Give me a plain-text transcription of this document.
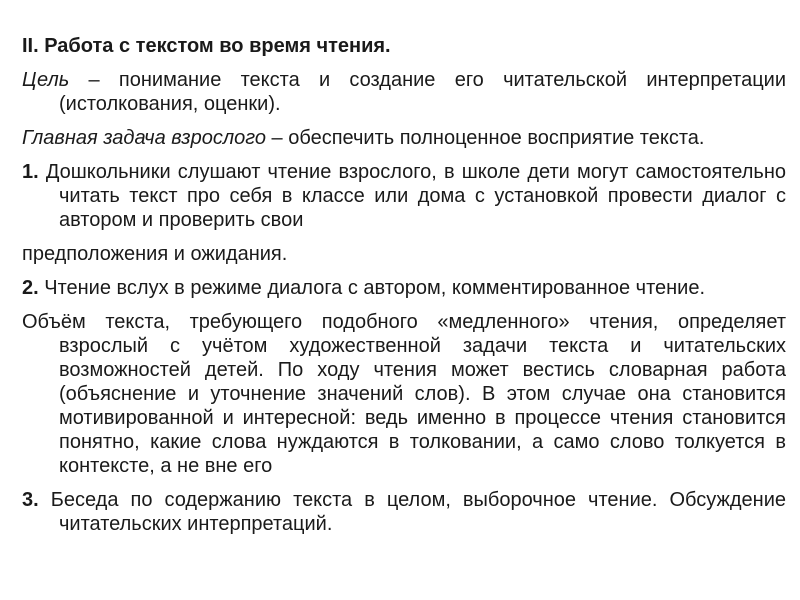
II. Работа с текстом во время чтения.

Цель – понимание текста и создание его читательской интерпретации (истолкования, оценки).

Главная задача взрослого – обеспечить полноценное восприятие текста.

1. Дошкольники слушают чтение взрослого, в школе дети могут самостоятельно читать текст про себя в классе или дома с установкой провести диалог с автором и проверить свои

предположения и ожидания.

2. Чтение вслух в режиме диалога с автором, комментированное чтение.

Объём текста, требующего подобного «медленного» чтения, определяет взрослый с учётом художественной задачи текста и читательских возможностей детей. По ходу чтения может вестись словарная работа (объяснение и уточнение значений слов). В этом случае она становится мотивированной и интересной: ведь именно в процессе чтения становится понятно, какие слова нуждаются в толковании, а само слово толкуется в контексте, а не вне его

3. Беседа по содержанию текста в целом, выборочное чтение. Обсуждение читательских интерпретаций.
